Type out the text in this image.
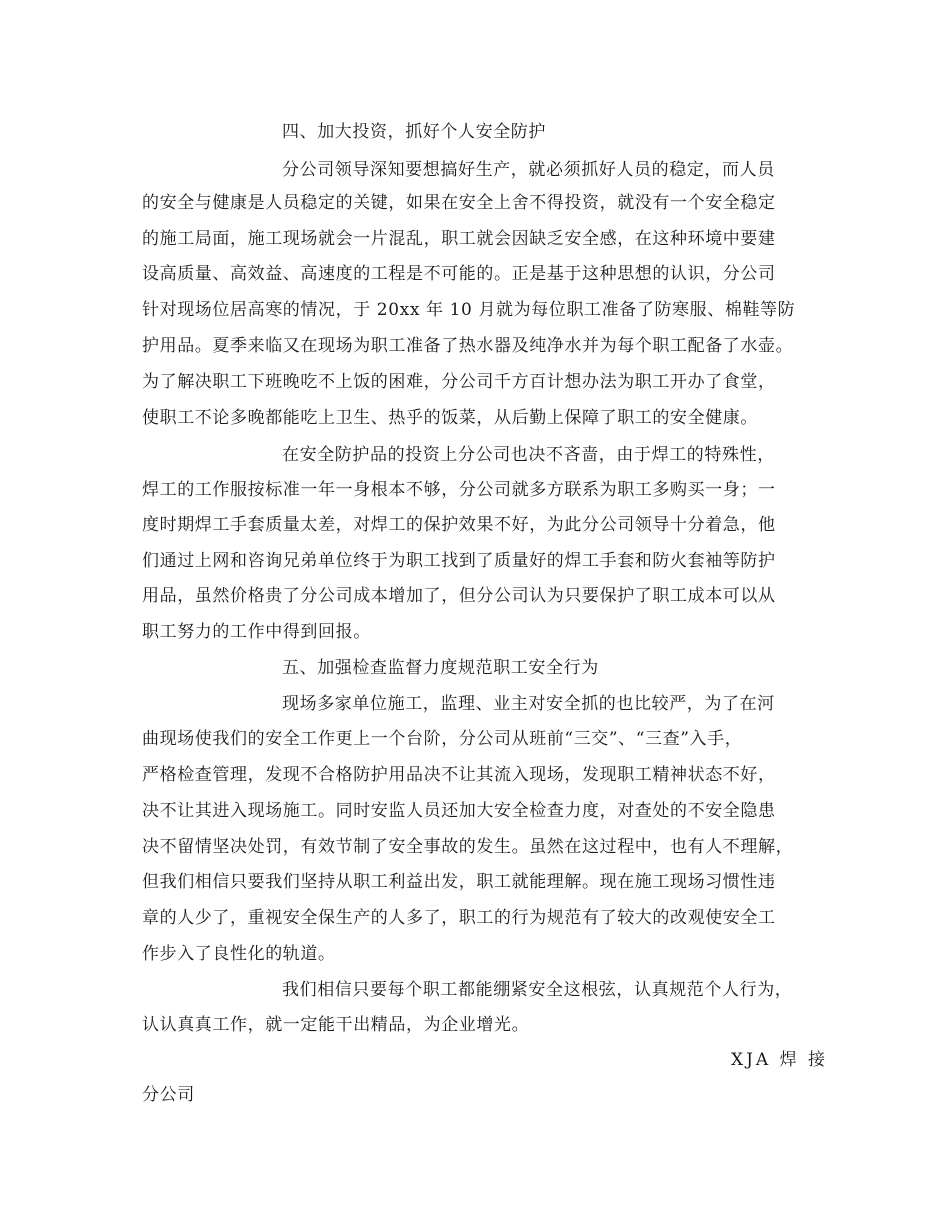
四、加大投资，抓好个人安全防护
分公司领导深知要想搞好生产，就必须抓好人员的稳定，而人员
的安全与健康是人员稳定的关键，如果在安全上舍不得投资，就没有一个安全稳定
的施工局面，施工现场就会一片混乱，职工就会因缺乏安全感，在这种环境中要建
设高质量、高效益、高速度的工程是不可能的。正是基于这种思想的认识，分公司
针对现场位居高寒的情况，于 20xx 年 10 月就为每位职工准备了防寒服、棉鞋等防
护用品。夏季来临又在现场为职工准备了热水器及纯净水并为每个职工配备了水壶。
为了解决职工下班晚吃不上饭的困难，分公司千方百计想办法为职工开办了食堂，
使职工不论多晚都能吃上卫生、热乎的饭菜，从后勤上保障了职工的安全健康。
在安全防护品的投资上分公司也决不吝啬，由于焊工的特殊性，
焊工的工作服按标准一年一身根本不够，分公司就多方联系为职工多购买一身；一
度时期焊工手套质量太差，对焊工的保护效果不好，为此分公司领导十分着急，他
们通过上网和咨询兄弟单位终于为职工找到了质量好的焊工手套和防火套袖等防护
用品，虽然价格贵了分公司成本增加了，但分公司认为只要保护了职工成本可以从
职工努力的工作中得到回报。
五、加强检查监督力度规范职工安全行为
现场多家单位施工，监理、业主对安全抓的也比较严，为了在河
曲现场使我们的安全工作更上一个台阶，分公司从班前“三交”、“三查”入手，
严格检查管理，发现不合格防护用品决不让其流入现场，发现职工精神状态不好，
决不让其进入现场施工。同时安监人员还加大安全检查力度，对查处的不安全隐患
决不留情坚决处罚，有效节制了安全事故的发生。虽然在这过程中，也有人不理解，
但我们相信只要我们坚持从职工利益出发，职工就能理解。现在施工现场习惯性违
章的人少了，重视安全保生产的人多了，职工的行为规范有了较大的改观使安全工
作步入了良性化的轨道。
我们相信只要每个职工都能绷紧安全这根弦，认真规范个人行为，
认认真真工作，就一定能干出精品，为企业增光。
XJA 焊 接
分公司
